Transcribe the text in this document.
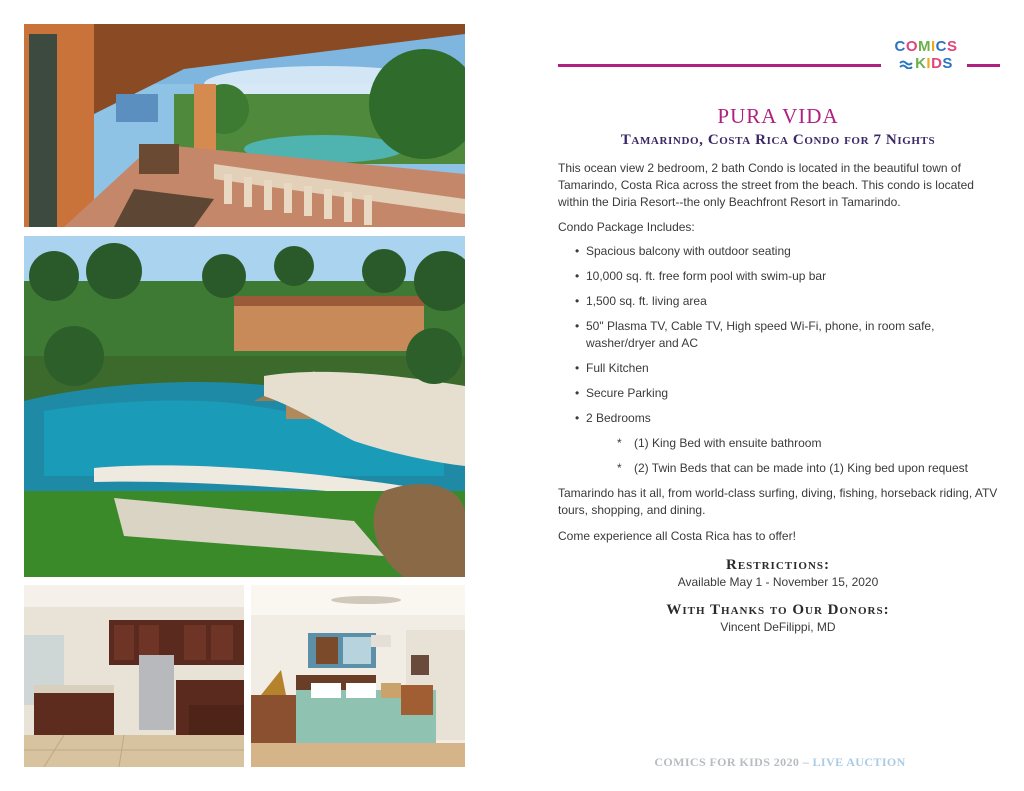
COMICS
KIDS
PURA VIDA
Tamarindo, Costa Rica Condo for 7 Nights

This ocean view 2 bedroom, 2 bath Condo is located in the beautiful town of Tamarindo, Costa Rica across the street from the beach. This condo is located within the Diria Resort--the only Beachfront Resort in Tamarindo.

Condo Package Includes:

• Spacious balcony with outdoor seating
• 10,000 sq. ft. free form pool with swim-up bar
• 1,500 sq. ft. living area
• 50" Plasma TV, Cable TV, High speed Wi-Fi, phone, in room safe, washer/dryer and AC
• Full Kitchen
• Secure Parking
• 2 Bedrooms
*	(1) King Bed with ensuite bathroom
*	(2) Twin Beds that can be made into (1) King bed upon request

Tamarindo has it all, from world-class surfing, diving, fishing, horseback riding, ATV tours, shopping, and dining.

Come experience all Costa Rica has to offer!

Restrictions:
Available May 1 - November 15, 2020
With Thanks to Our Donors:
Vincent DeFilippi, MD
COMICS FOR KIDS 2020 – LIVE AUCTION
